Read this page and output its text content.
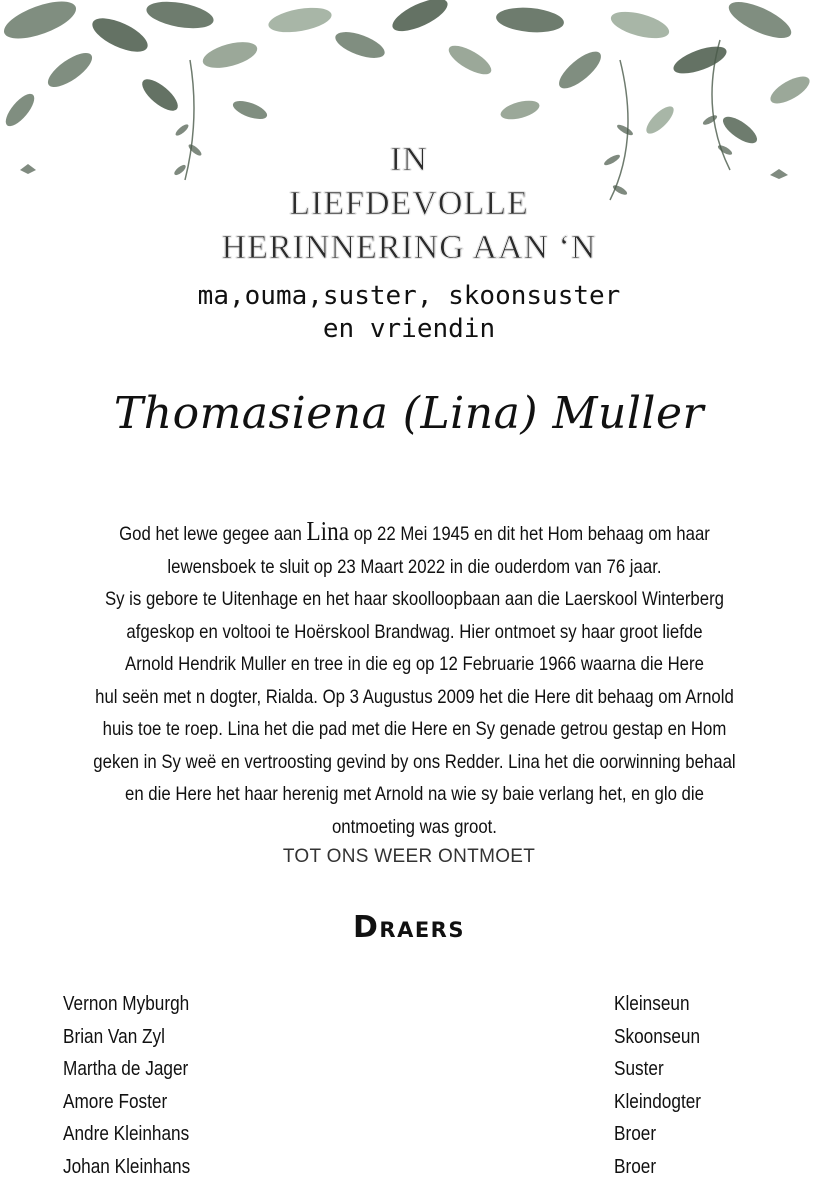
IN
LIEFDEVOLLE
HERINNERING AAN ‘N
ma,ouma,suster, skoonsuster
en vriendin
Thomasiena (Lina) Muller
God het lewe gegee aan Lina op 22 Mei 1945 en dit het Hom behaag om haar
lewensboek te sluit op 23 Maart 2022 in die ouderdom van 76 jaar.
Sy is gebore te Uitenhage en het haar skoolloopbaan aan die Laerskool Winterberg
afgeskop en voltooi te Hoërskool Brandwag. Hier ontmoet sy haar groot liefde
Arnold Hendrik Muller en tree in die eg op 12 Februarie 1966 waarna die Here
hul seën met n dogter, Rialda. Op 3 Augustus 2009 het die Here dit behaag om Arnold
huis toe te roep. Lina het die pad met die Here en Sy genade getrou gestap en Hom
geken in Sy weë en vertroosting gevind by ons Redder. Lina het die oorwinning behaal
en die Here het haar herenig met Arnold na wie sy baie verlang het, en glo die
ontmoeting was groot.
TOT ONS WEER ONTMOET
Draers
Vernon Myburgh	Kleinseun
Brian Van Zyl	Skoonseun
Martha de Jager	Suster
Amore Foster	Kleindogter
Andre Kleinhans	Broer
Johan Kleinhans	Broer
